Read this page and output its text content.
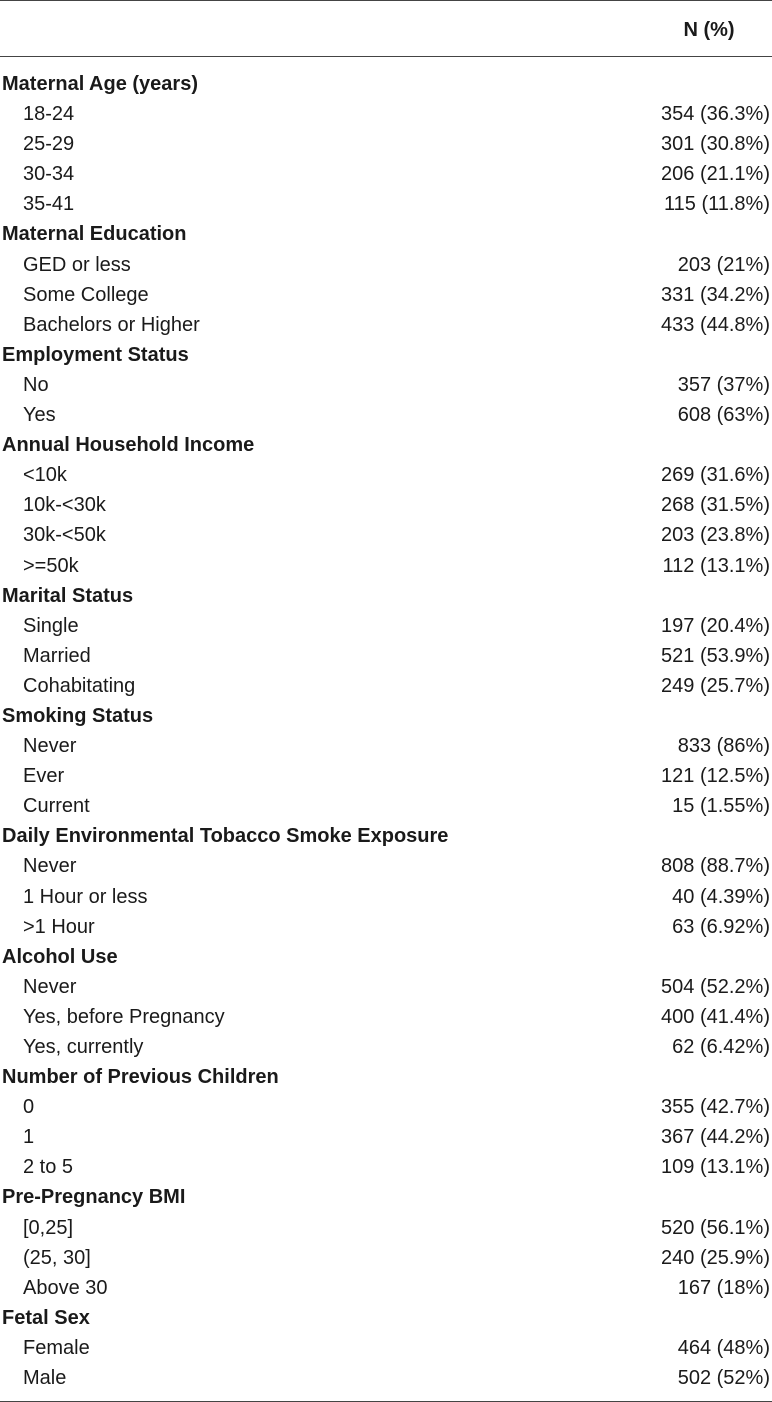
N (%)
Maternal Age (years)
18-24	354 (36.3%)
25-29	301 (30.8%)
30-34	206 (21.1%)
35-41	115 (11.8%)
Maternal Education
GED or less	203 (21%)
Some College	331 (34.2%)
Bachelors or Higher	433 (44.8%)
Employment Status
No	357 (37%)
Yes	608 (63%)
Annual Household Income
<10k	269 (31.6%)
10k-<30k	268 (31.5%)
30k-<50k	203 (23.8%)
>=50k	112 (13.1%)
Marital Status
Single	197 (20.4%)
Married	521 (53.9%)
Cohabitating	249 (25.7%)
Smoking Status
Never	833 (86%)
Ever	121 (12.5%)
Current	15 (1.55%)
Daily Environmental Tobacco Smoke Exposure
Never	808 (88.7%)
1 Hour or less	40 (4.39%)
>1 Hour	63 (6.92%)
Alcohol Use
Never	504 (52.2%)
Yes, before Pregnancy	400 (41.4%)
Yes, currently	62 (6.42%)
Number of Previous Children
0	355 (42.7%)
1	367 (44.2%)
2 to 5	109 (13.1%)
Pre-Pregnancy BMI
[0,25]	520 (56.1%)
(25, 30]	240 (25.9%)
Above 30	167 (18%)
Fetal Sex
Female	464 (48%)
Male	502 (52%)
